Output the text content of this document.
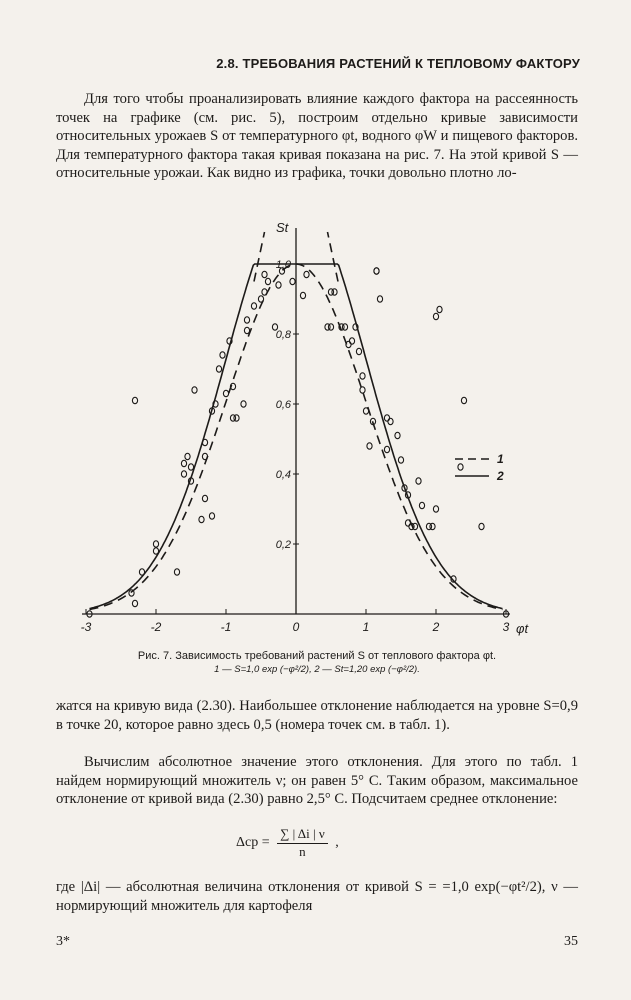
2.8. ТРЕБОВАНИЯ РАСТЕНИЙ К ТЕПЛОВОМУ ФАКТОРУ

Для того чтобы проанализировать влияние каждого фактора на рассеянность точек на графике (см. рис. 5), построим отдельно кривые зависимости относительных урожаев S от температурного φt, водного φW и пищевого факторов. Для температурного фактора такая кривая показана на рис. 7. На этой кривой S — относительные урожаи. Как видно из графика, точки довольно плотно ло-

-3	-2	-1	0	1	2	3
0,2
0,4
0,6
0,8
1,0
φt
St
1
2
Рис. 7. Зависимость требований растений S от теплового фактора φt.
1 — S=1,0 exp (−φ²/2), 2 — St=1,20 exp (−φ²/2).

жатся на кривую вида (2.30). Наибольшее отклонение наблюдается на уровне S=0,9 в точке 20, которое равно здесь 0,5 (номера точек см. в табл. 1).

Вычислим абсолютное значение этого отклонения. Для этого по табл. 1 найдем нормирующий множитель ν; он равен 5° С. Таким образом, максимальное отклонение от кривой вида (2.30) равно 2,5° С. Подсчитаем среднее отклонение:

$\Delta ср = \frac{\sum | \Delta i | \nu}{n}$ ,

где |Δi| — абсолютная величина отклонения от кривой S = =1,0 exp(−φt²/2), ν — нормирующий множитель для картофеля

3*	35
